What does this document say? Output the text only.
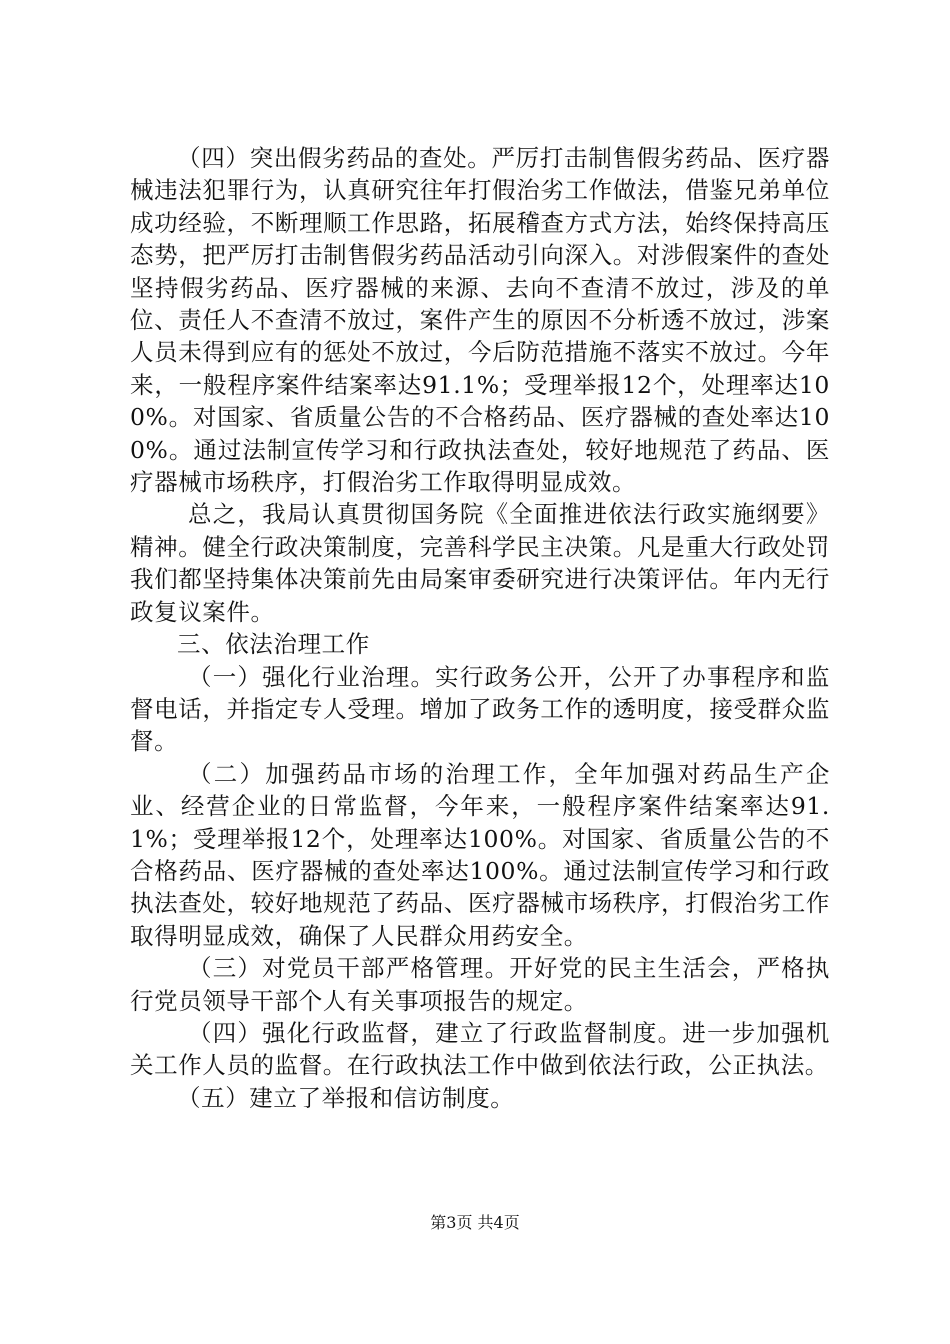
（四）突出假劣药品的查处。严厉打击制售假劣药品、医疗器械违法犯罪行为，认真研究往年打假治劣工作做法，借鉴兄弟单位成功经验，不断理顺工作思路，拓展稽查方式方法，始终保持高压态势，把严厉打击制售假劣药品活动引向深入。对涉假案件的查处坚持假劣药品、医疗器械的来源、去向不查清不放过，涉及的单位、责任人不查清不放过，案件产生的原因不分析透不放过，涉案人员未得到应有的惩处不放过，今后防范措施不落实不放过。今年来，一般程序案件结案率达91.1%；受理举报12个，处理率达100%。对国家、省质量公告的不合格药品、医疗器械的查处率达100%。通过法制宣传学习和行政执法查处，较好地规范了药品、医疗器械市场秩序，打假治劣工作取得明显成效。

总之，我局认真贯彻国务院《全面推进依法行政实施纲要》精神。健全行政决策制度，完善科学民主决策。凡是重大行政处罚我们都坚持集体决策前先由局案审委研究进行决策评估。年内无行政复议案件。

三、依法治理工作

（一）强化行业治理。实行政务公开，公开了办事程序和监督电话，并指定专人受理。增加了政务工作的透明度，接受群众监督。

（二）加强药品市场的治理工作，全年加强对药品生产企业、经营企业的日常监督，今年来，一般程序案件结案率达91.1%；受理举报12个，处理率达100%。对国家、省质量公告的不合格药品、医疗器械的查处率达100%。通过法制宣传学习和行政执法查处，较好地规范了药品、医疗器械市场秩序，打假治劣工作取得明显成效，确保了人民群众用药安全。

（三）对党员干部严格管理。开好党的民主生活会，严格执行党员领导干部个人有关事项报告的规定。

（四）强化行政监督，建立了行政监督制度。进一步加强机关工作人员的监督。在行政执法工作中做到依法行政，公正执法。

（五）建立了举报和信访制度。

第3页 共4页
